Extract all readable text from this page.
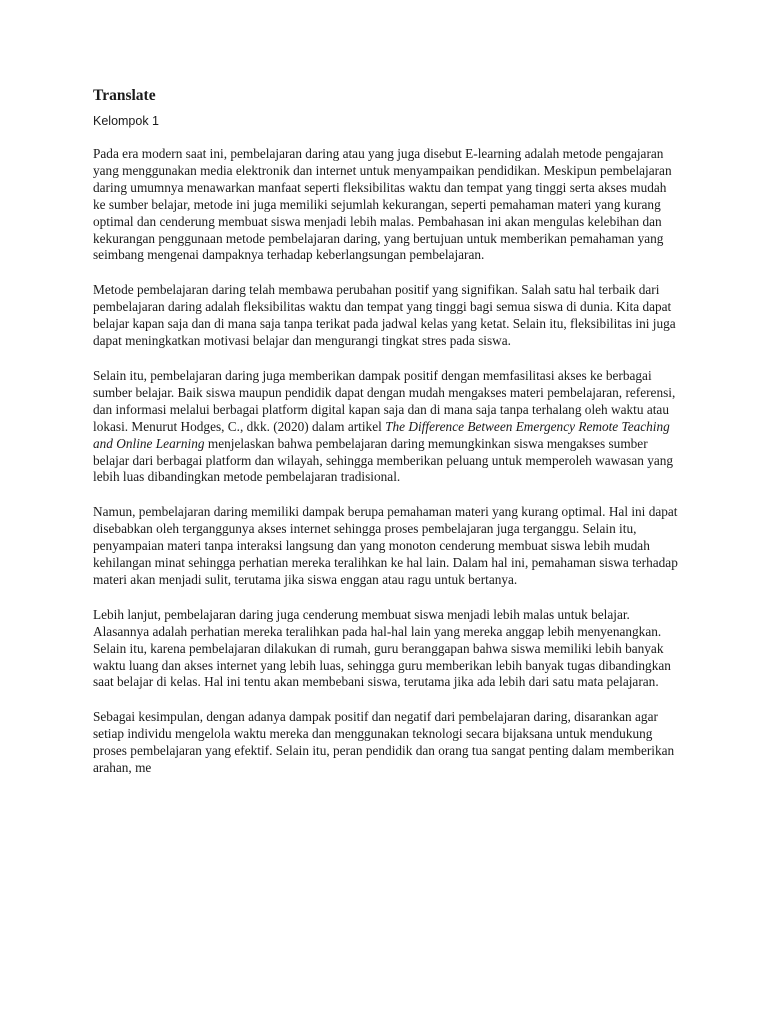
Translate
Kelompok 1

Pada era modern saat ini, pembelajaran daring atau yang juga disebut E-learning adalah metode pengajaran yang menggunakan media elektronik dan internet untuk menyampaikan pendidikan. Meskipun pembelajaran daring umumnya menawarkan manfaat seperti fleksibilitas waktu dan tempat yang tinggi serta akses mudah ke sumber belajar, metode ini juga memiliki sejumlah kekurangan, seperti pemahaman materi yang kurang optimal dan cenderung membuat siswa menjadi lebih malas. Pembahasan ini akan mengulas kelebihan dan kekurangan penggunaan metode pembelajaran daring, yang bertujuan untuk memberikan pemahaman yang seimbang mengenai dampaknya terhadap keberlangsungan pembelajaran.

Metode pembelajaran daring telah membawa perubahan positif yang signifikan. Salah satu hal terbaik dari pembelajaran daring adalah fleksibilitas waktu dan tempat yang tinggi bagi semua siswa di dunia. Kita dapat belajar kapan saja dan di mana saja tanpa terikat pada jadwal kelas yang ketat. Selain itu, fleksibilitas ini juga dapat meningkatkan motivasi belajar dan mengurangi tingkat stres pada siswa.

Selain itu, pembelajaran daring juga memberikan dampak positif dengan memfasilitasi akses ke berbagai sumber belajar. Baik siswa maupun pendidik dapat dengan mudah mengakses materi pembelajaran, referensi, dan informasi melalui berbagai platform digital kapan saja dan di mana saja tanpa terhalang oleh waktu atau lokasi. Menurut Hodges, C., dkk. (2020) dalam artikel The Difference Between Emergency Remote Teaching and Online Learning menjelaskan bahwa pembelajaran daring memungkinkan siswa mengakses sumber belajar dari berbagai platform dan wilayah, sehingga memberikan peluang untuk memperoleh wawasan yang lebih luas dibandingkan metode pembelajaran tradisional.

Namun, pembelajaran daring memiliki dampak berupa pemahaman materi yang kurang optimal. Hal ini dapat disebabkan oleh terganggunya akses internet sehingga proses pembelajaran juga terganggu. Selain itu, penyampaian materi tanpa interaksi langsung dan yang monoton cenderung membuat siswa lebih mudah kehilangan minat sehingga perhatian mereka teralihkan ke hal lain. Dalam hal ini, pemahaman siswa terhadap materi akan menjadi sulit, terutama jika siswa enggan atau ragu untuk bertanya.

Lebih lanjut, pembelajaran daring juga cenderung membuat siswa menjadi lebih malas untuk belajar. Alasannya adalah perhatian mereka teralihkan pada hal-hal lain yang mereka anggap lebih menyenangkan. Selain itu, karena pembelajaran dilakukan di rumah, guru beranggapan bahwa siswa memiliki lebih banyak waktu luang dan akses internet yang lebih luas, sehingga guru memberikan lebih banyak tugas dibandingkan saat belajar di kelas. Hal ini tentu akan membebani siswa, terutama jika ada lebih dari satu mata pelajaran.

Sebagai kesimpulan, dengan adanya dampak positif dan negatif dari pembelajaran daring, disarankan agar setiap individu mengelola waktu mereka dan menggunakan teknologi secara bijaksana untuk mendukung proses pembelajaran yang efektif. Selain itu, peran pendidik dan orang tua sangat penting dalam memberikan arahan, me
